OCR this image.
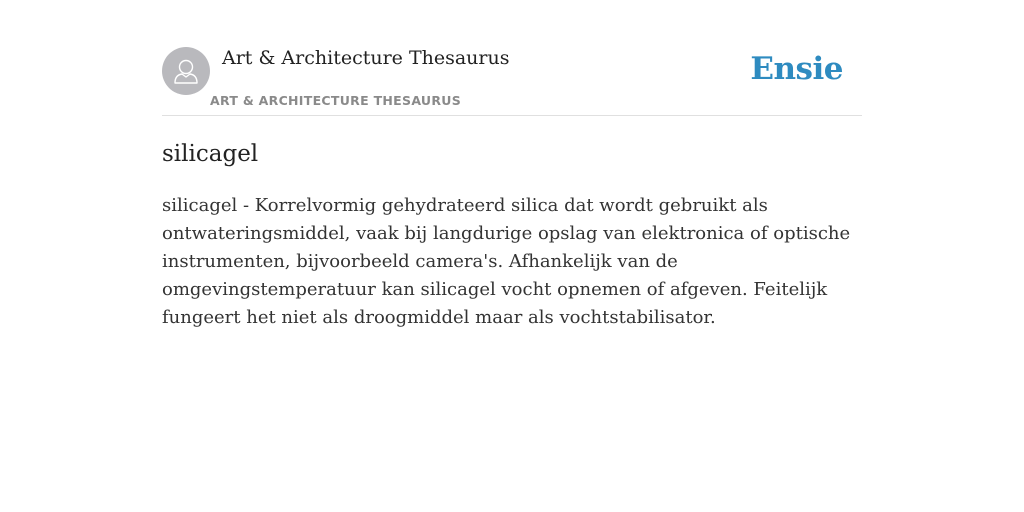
Art & Architecture Thesaurus
ART & ARCHITECTURE THESAURUS
Ensie
silicagel

silicagel - Korrelvormig gehydrateerd silica dat wordt gebruikt als ontwateringsmiddel, vaak bij langdurige opslag van elektronica of optische instrumenten, bijvoorbeeld camera's. Afhankelijk van de omgevingstemperatuur kan silicagel vocht opnemen of afgeven. Feitelijk fungeert het niet als droogmiddel maar als vochtstabilisator.
